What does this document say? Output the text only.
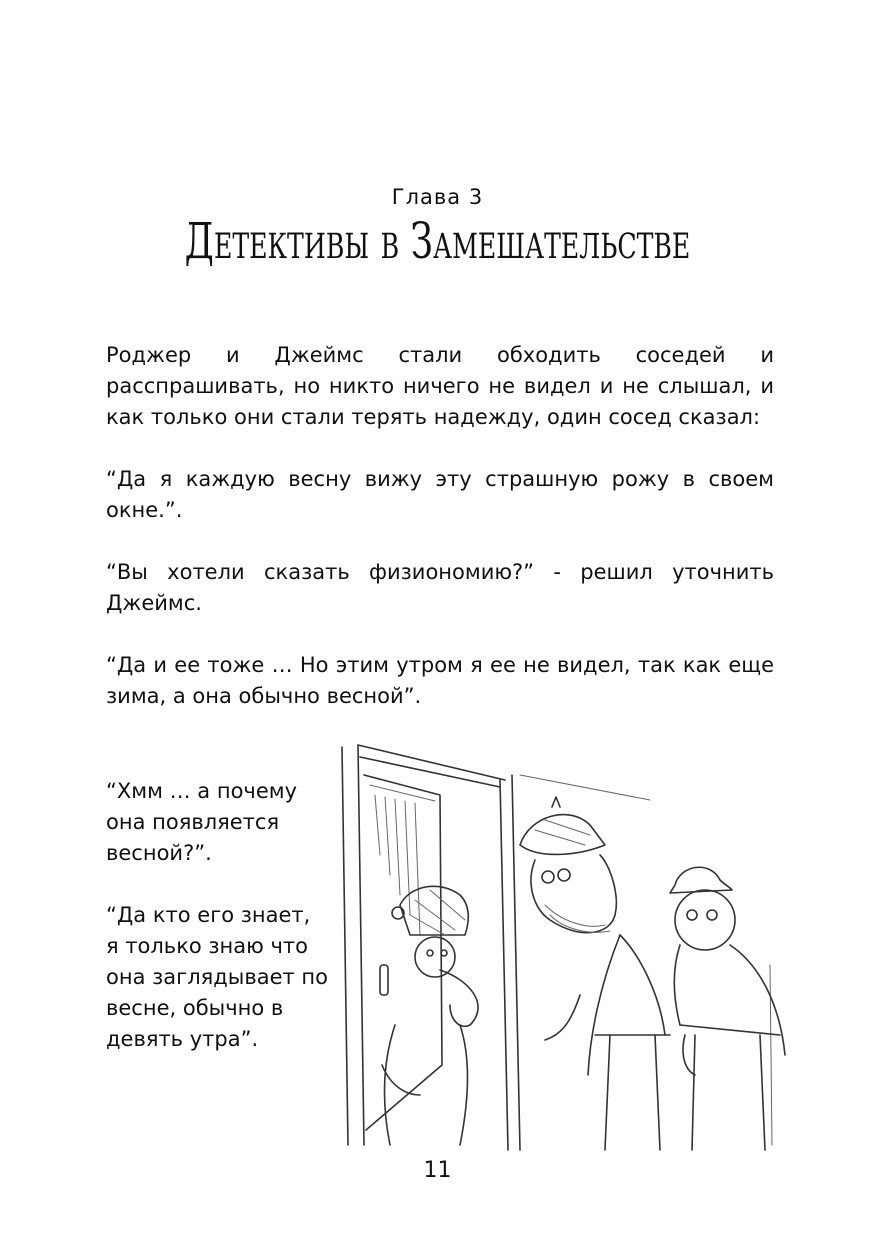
Глава 3
Детективы в Замешательстве

Роджер и Джеймс стали обходить соседей и расспрашивать, но никто ничего не видел и не слышал, и как только они стали терять надежду, один сосед сказал:

“Да я каждую весну вижу эту страшную рожу в своем окне.”.

“Вы хотели сказать физиономию?” - решил уточнить Джеймс.

“Да и ее тоже … Но этим утром я ее не видел, так как еще зима, а она обычно весной”.

“Хмм … а почему
она появляется
весной?”.

“Да кто его знает,
я только знаю что
она заглядывает по
весне, обычно в
девять утра”.

11
